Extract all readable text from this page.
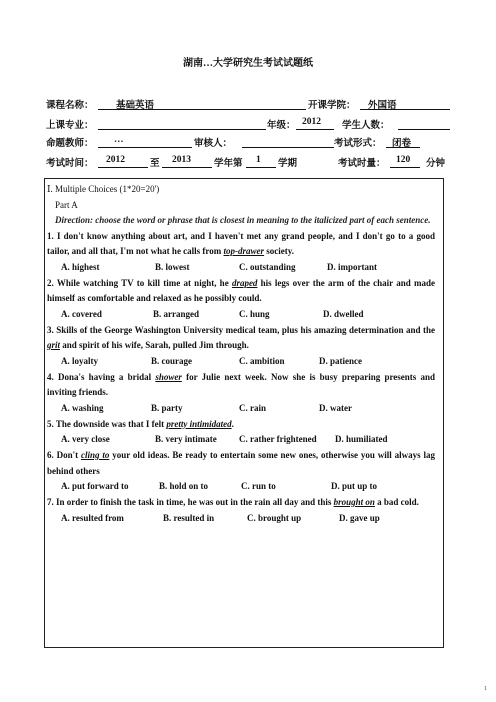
湖南…大学研究生考试试题纸
课程名称： 基础英语	开课学院： 外国语
上课专业：	年级： 2012 学生人数：
命题教师： …	审核人：	考试形式： 闭卷
考试时间： 2012	至 2013 学年第 1 学期	考试时量： 120 分钟

Ⅰ. Multiple Choices (1*20=20')

Part A

Direction: choose the word or phrase that is closest in meaning to the italicized part of each sentence.

1. I don't know anything about art, and I haven't met any grand people, and I don't go to a good tailor, and all that, I'm not what he calls from top-drawer society.

A. highest	B. lowest	C. outstanding	D. important

2. While watching TV to kill time at night, he draped his legs over the arm of the chair and made himself as comfortable and relaxed as he possibly could.

A. covered	B. arranged	C. hung	D. dwelled

3. Skills of the George Washington University medical team, plus his amazing determination and the grit and spirit of his wife, Sarah, pulled Jim through.

A. loyalty	B. courage	C. ambition	D. patience

4. Dona's having a bridal shower for Julie next week. Now she is busy preparing presents and inviting friends.

A. washing	B. party	C. rain	D. water

5. The downside was that I felt pretty intimidated.

A. very close	B. very intimate C. rather frightened D. humiliated

6. Don't cling to your old ideas. Be ready to entertain some new ones, otherwise you will always lag behind others

A. put forward to	B. hold on to	C. run to	D. put up to

7. In order to finish the task in time, he was out in the rain all day and this brought on a bad cold.

A. resulted from	B. resulted in	C. brought up	D. gave up
1
